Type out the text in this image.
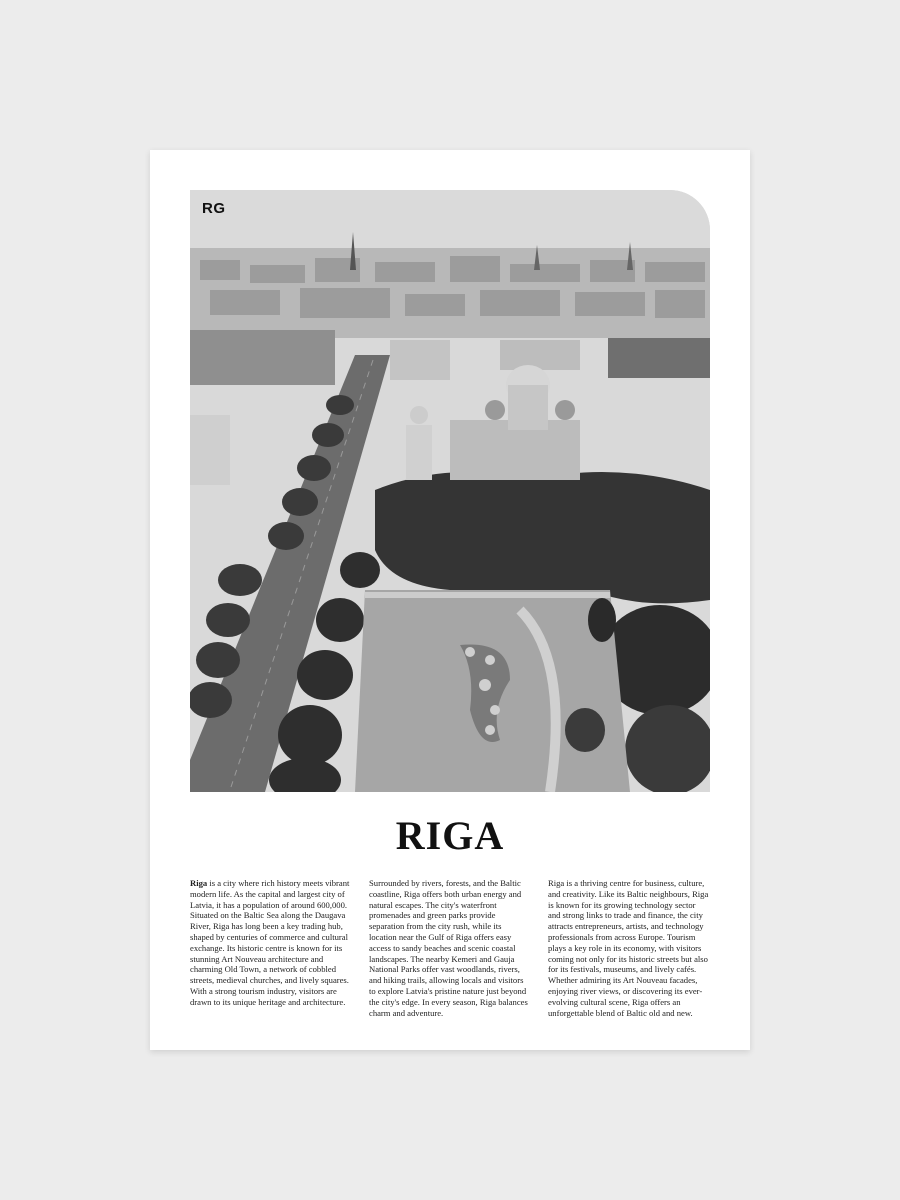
RG
RIGA
Riga is a city where rich history meets vibrant modern life. As the capital and largest city of Latvia, it has a population of around 600,000. Situated on the Baltic Sea along the Daugava River, Riga has long been a key trading hub, shaped by centuries of commerce and cultural exchange. Its historic centre is known for its stunning Art Nouveau architecture and charming Old Town, a network of cobbled streets, medieval churches, and lively squares. With a strong tourism industry, visitors are drawn to its unique heritage and architecture.
Surrounded by rivers, forests, and the Baltic coastline, Riga offers both urban energy and natural escapes. The city's waterfront promenades and green parks provide separation from the city rush, while its location near the Gulf of Riga offers easy access to sandy beaches and scenic coastal landscapes. The nearby Kemeri and Gauja National Parks offer vast woodlands, rivers, and hiking trails, allowing locals and visitors to explore Latvia's pristine nature just beyond the city's edge. In every season, Riga balances charm and adventure.
Riga is a thriving centre for business, culture, and creativity. Like its Baltic neighbours, Riga is known for its growing technology sector and strong links to trade and finance, the city attracts entrepreneurs, artists, and technology professionals from across Europe. Tourism plays a key role in its economy, with visitors coming not only for its historic streets but also for its festivals, museums, and lively cafés. Whether admiring its Art Nouveau facades, enjoying river views, or discovering its ever-evolving cultural scene, Riga offers an unforgettable blend of Baltic old and new.
